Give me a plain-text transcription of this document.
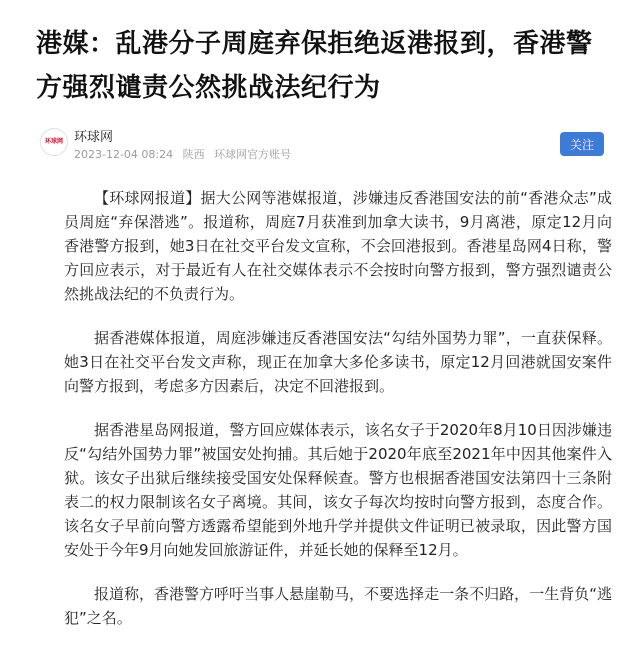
港媒：乱港分子周庭弃保拒绝返港报到，香港警方强烈谴责公然挑战法纪行为
环球网 环球网
2023-12-04 08:24 陕西 环球网官方账号
关注

【环球网报道】据大公网等港媒报道，涉嫌违反香港国安法的前“香港众志”成员周庭“弃保潜逃”。报道称，周庭7月获准到加拿大读书，9月离港，原定12月向香港警方报到，她3日在社交平台发文宣称，不会回港报到。香港星岛网4日称，警方回应表示，对于最近有人在社交媒体表示不会按时向警方报到，警方强烈谴责公然挑战法纪的不负责行为。

据香港媒体报道，周庭涉嫌违反香港国安法“勾结外国势力罪”，一直获保释。她3日在社交平台发文声称，现正在加拿大多伦多读书，原定12月回港就国安案件向警方报到，考虑多方因素后，决定不回港报到。

据香港星岛网报道，警方回应媒体表示，该名女子于2020年8月10日因涉嫌违反“勾结外国势力罪”被国安处拘捕。其后她于2020年底至2021年中因其他案件入狱。该女子出狱后继续接受国安处保释候查。警方也根据香港国安法第四十三条附表二的权力限制该名女子离境。其间，该女子每次均按时向警方报到，态度合作。该名女子早前向警方透露希望能到外地升学并提供文件证明已被录取，因此警方国安处于今年9月向她发回旅游证件，并延长她的保释至12月。

报道称，香港警方呼吁当事人悬崖勒马，不要选择走一条不归路，一生背负“逃犯”之名。
